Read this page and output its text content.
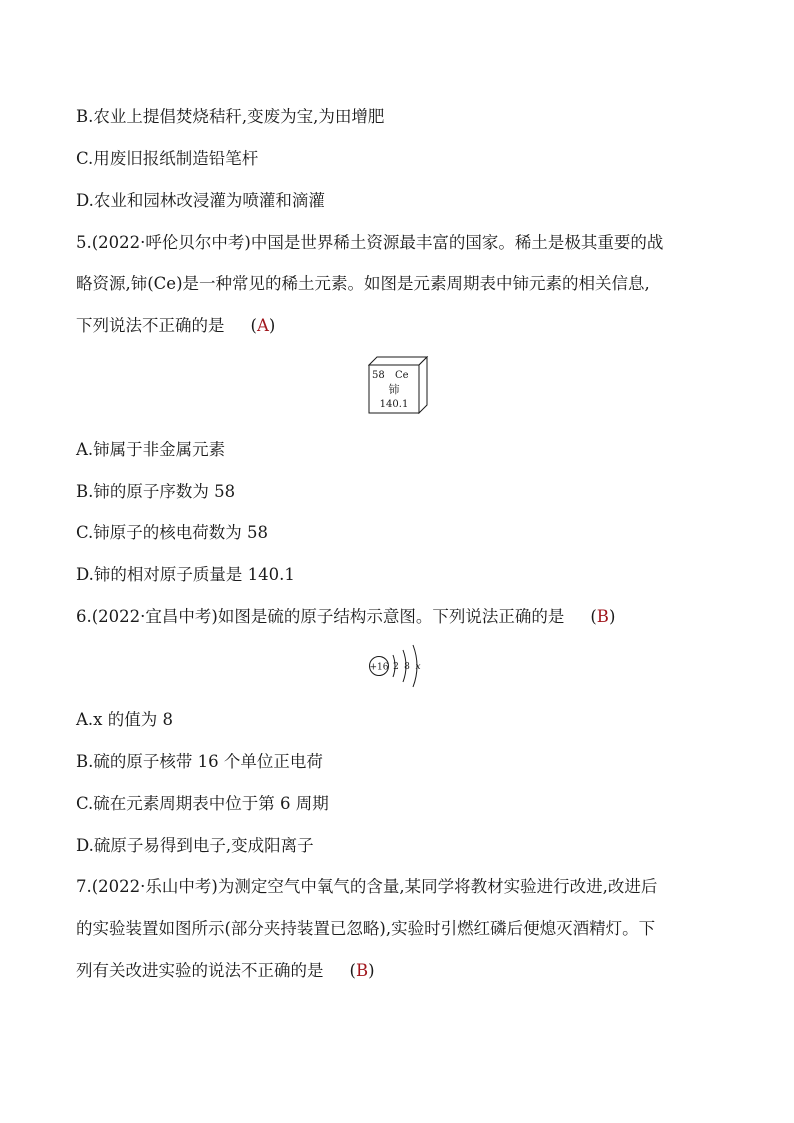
B.农业上提倡焚烧秸秆,变废为宝,为田增肥
C.用废旧报纸制造铅笔杆
D.农业和园林改浸灌为喷灌和滴灌
5.(2022·呼伦贝尔中考)中国是世界稀土资源最丰富的国家。稀土是极其重要的战
略资源,铈(Ce)是一种常见的稀土元素。如图是元素周期表中铈元素的相关信息,
下列说法不正确的是 (A)
58 Ce
铈
140.1
A.铈属于非金属元素
B.铈的原子序数为 58
C.铈原子的核电荷数为 58
D.铈的相对原子质量是 140.1
6.(2022·宜昌中考)如图是硫的原子结构示意图。下列说法正确的是 (B)
+16 2 8 x
A.x 的值为 8
B.硫的原子核带 16 个单位正电荷
C.硫在元素周期表中位于第 6 周期
D.硫原子易得到电子,变成阳离子
7.(2022·乐山中考)为测定空气中氧气的含量,某同学将教材实验进行改进,改进后
的实验装置如图所示(部分夹持装置已忽略),实验时引燃红磷后便熄灭酒精灯。下
列有关改进实验的说法不正确的是 (B)
